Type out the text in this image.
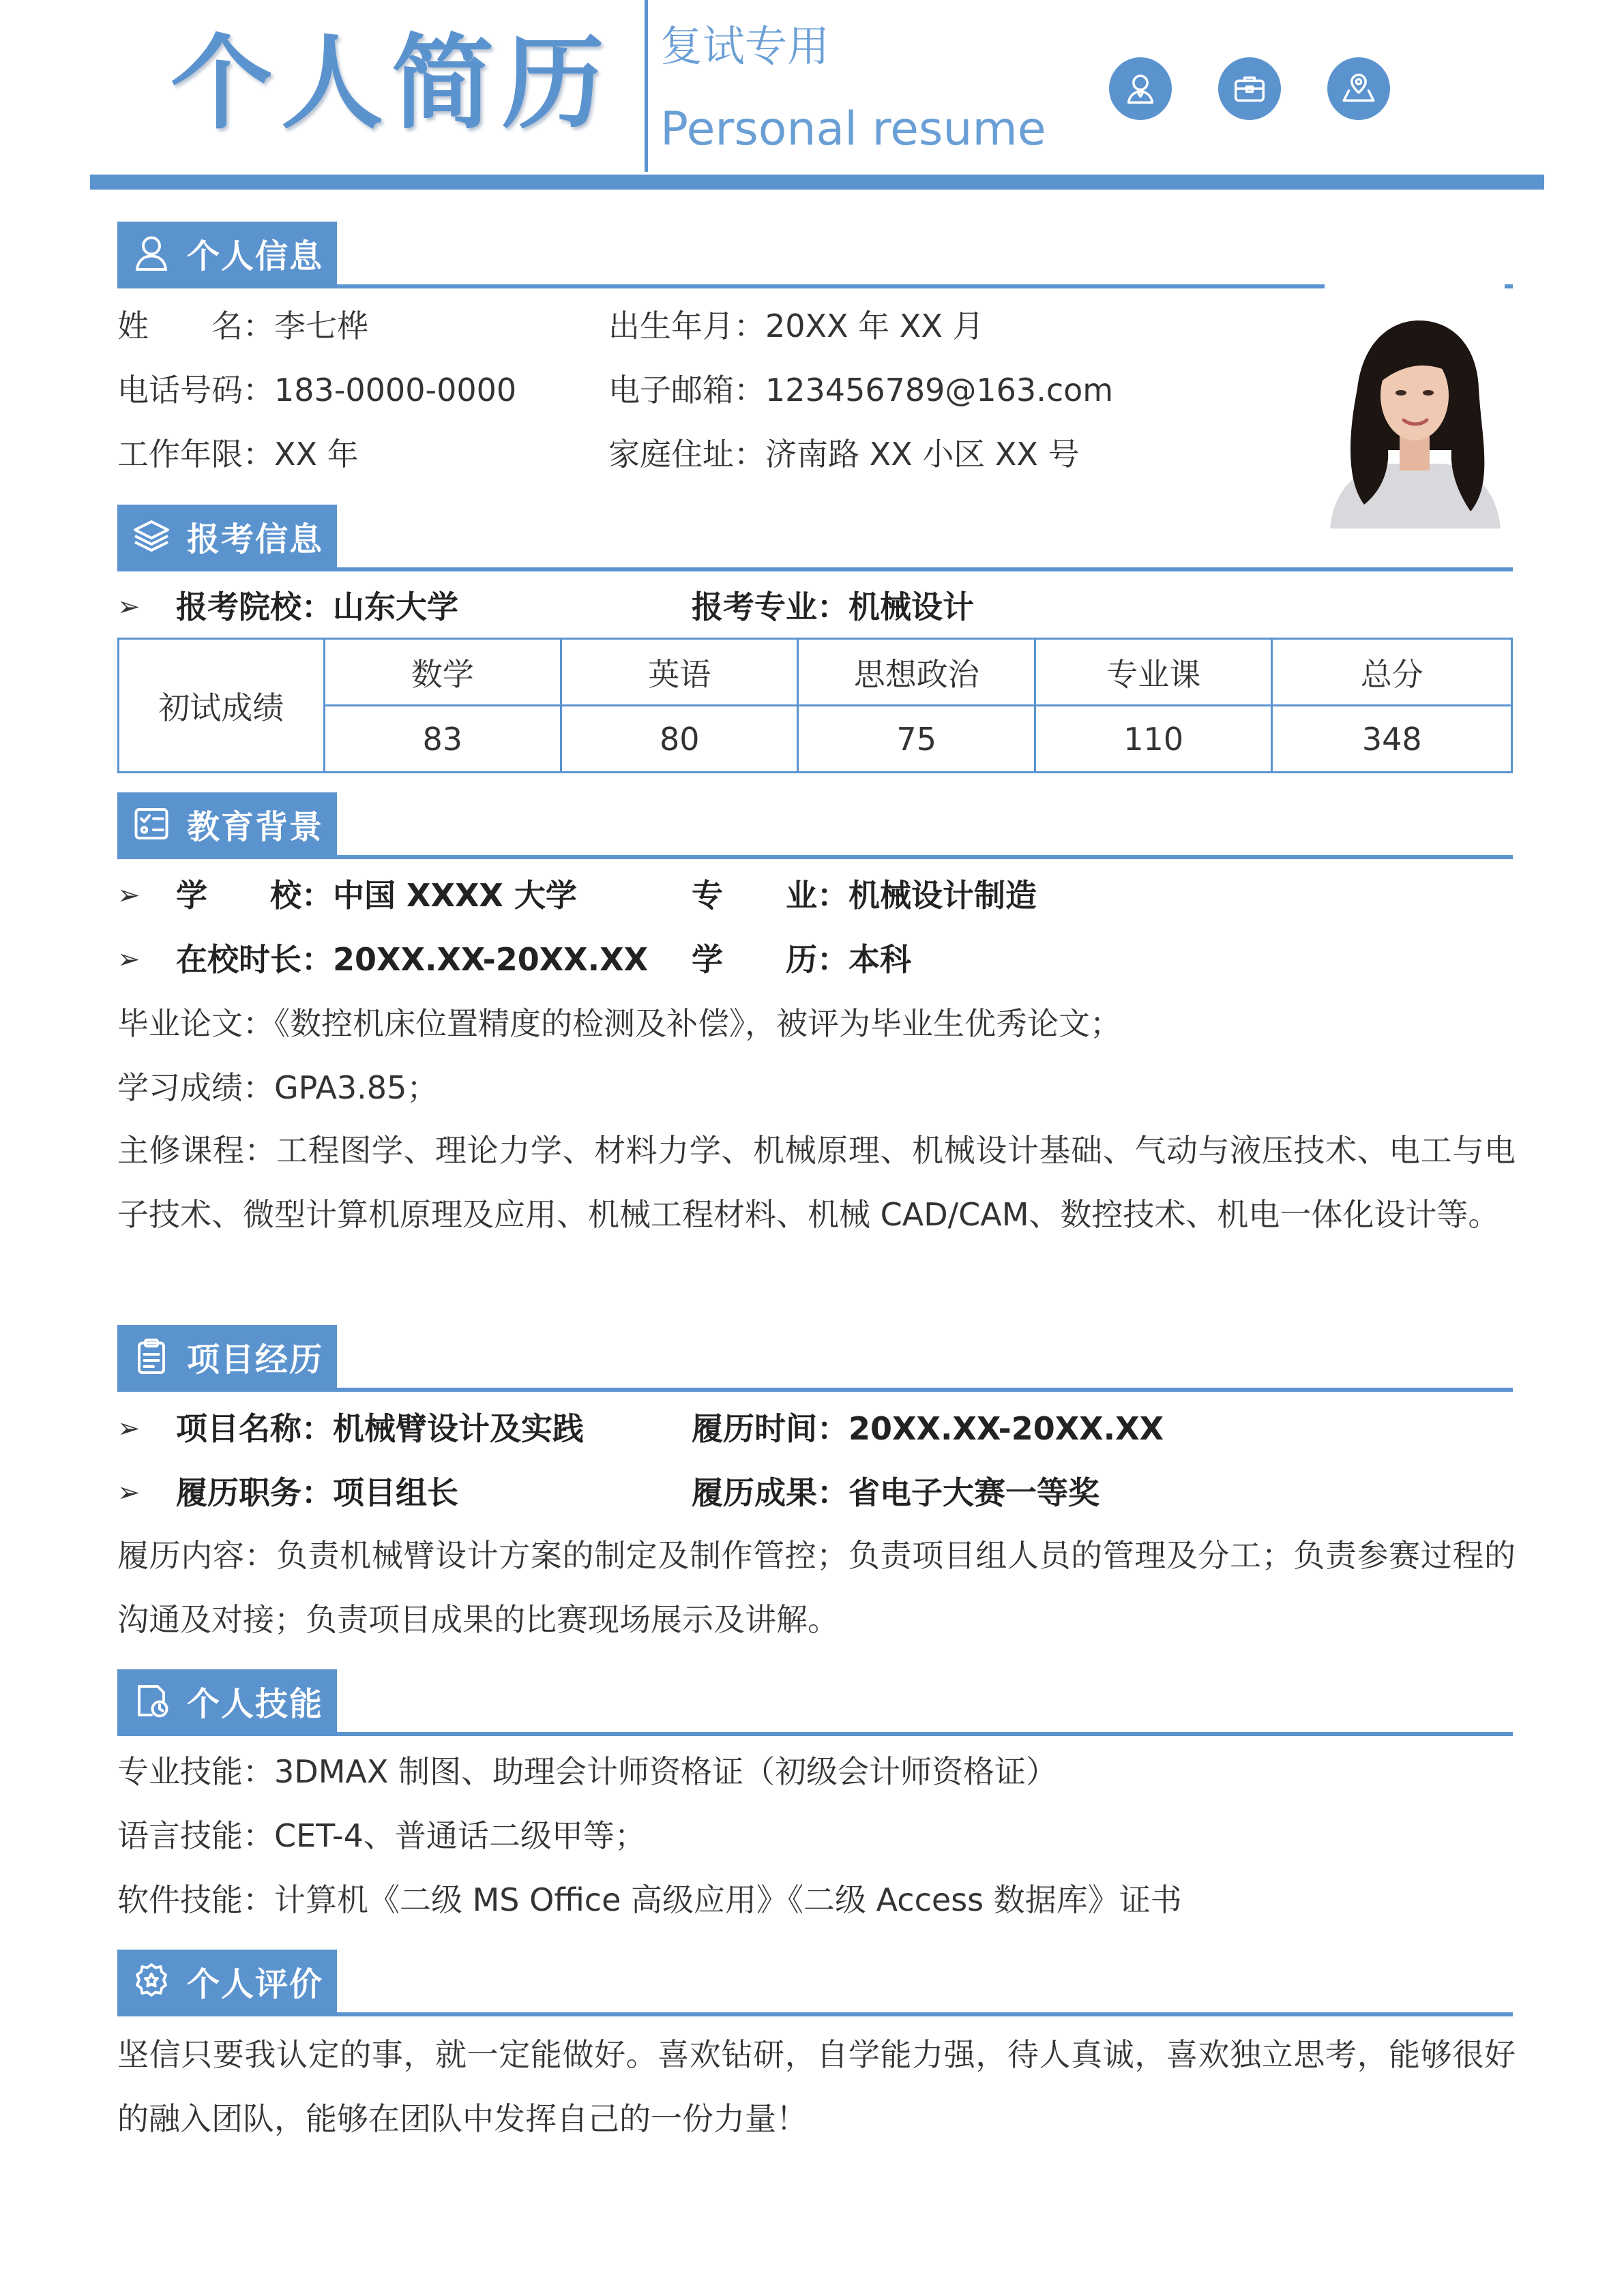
个人简历 复试专用
Personal resume
个人信息
姓　　名：李七桦	出生年月：20XX 年 XX 月
电话号码：183-0000-0000	电子邮箱：123456789@163.com
工作年限：XX 年	家庭住址：济南路 XX 小区 XX 号
报考信息
➢ 报考院校：山东大学	报考专业：机械设计
初试成绩	数学	英语	思想政治	专业课	总分
	83	80	75	110	348
教育背景
➢ 学　　校：中国 XXXX 大学	专　　业：机械设计制造
➢ 在校时长：20XX.XX-20XX.XX 学　　历：本科
毕业论文：《数控机床位置精度的检测及补偿》，被评为毕业生优秀论文；
学习成绩：GPA3.85；
主修课程：工程图学、理论力学、材料力学、机械原理、机械设计基础、气动与液压技术、电工与电子技术、微型计算机原理及应用、机械工程材料、机械 CAD/CAM、数控技术、机电一体化设计等。
项目经历
➢ 项目名称：机械臂设计及实践	履历时间：20XX.XX-20XX.XX
➢ 履历职务：项目组长	履历成果：省电子大赛一等奖
履历内容：负责机械臂设计方案的制定及制作管控；负责项目组人员的管理及分工；负责参赛过程的沟通及对接；负责项目成果的比赛现场展示及讲解。
个人技能
专业技能：3DMAX 制图、助理会计师资格证（初级会计师资格证）
语言技能：CET-4、普通话二级甲等；
软件技能：计算机《二级 MS Office 高级应用》《二级 Access 数据库》证书
个人评价
坚信只要我认定的事，就一定能做好。喜欢钻研，自学能力强，待人真诚，喜欢独立思考，能够很好的融入团队，能够在团队中发挥自己的一份力量！
